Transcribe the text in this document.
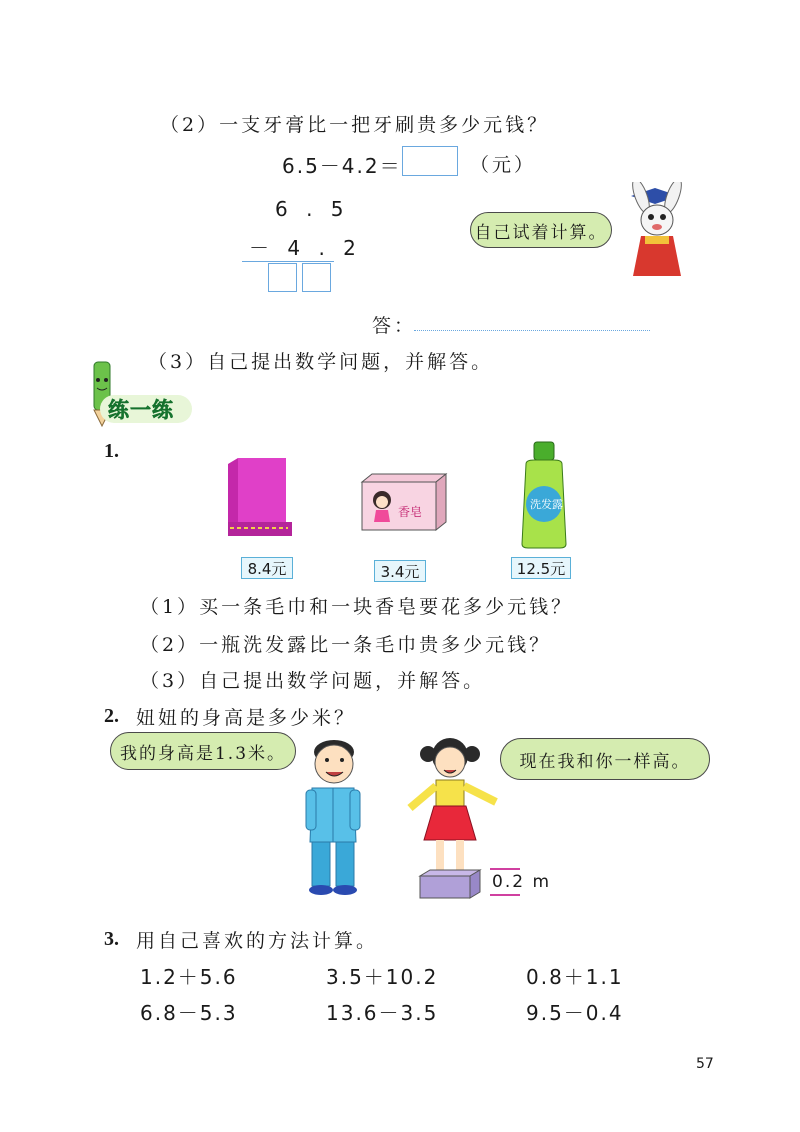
（2）一支牙膏比一把牙刷贵多少元钱？
6.5－4.2＝	（元）
6 . 5
－ 4 . 2
自己试着计算。
答：
（3）自己提出数学问题，并解答。
练一练
1.
香皂
洗发露
8.4元	3.4元	12.5元
（1）买一条毛巾和一块香皂要花多少元钱？
（2）一瓶洗发露比一条毛巾贵多少元钱？
（3）自己提出数学问题，并解答。
2. 妞妞的身高是多少米？
我的身高是1.3米。	现在我和你一样高。
0.2 m
3. 用自己喜欢的方法计算。
1.2＋5.6	3.5＋10.2	0.8＋1.1
6.8－5.3	13.6－3.5	9.5－0.4
57
